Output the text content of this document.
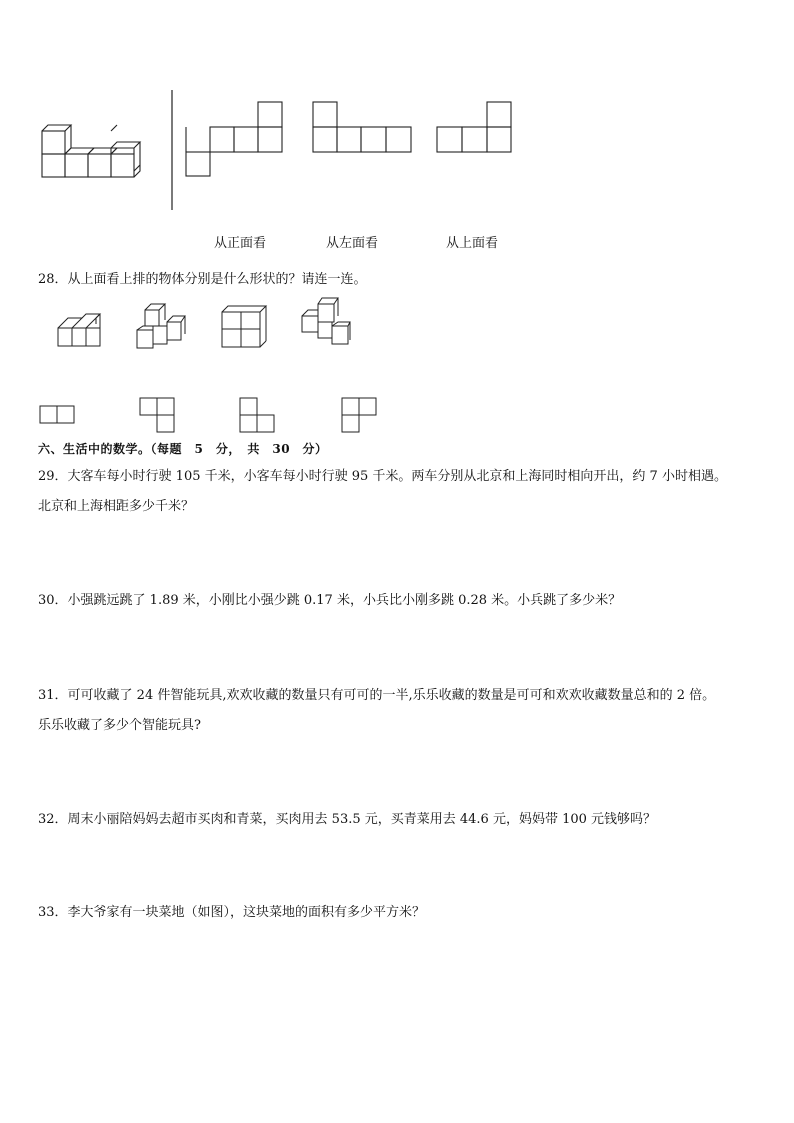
从正面看	从左面看	从上面看
28．从上面看上排的物体分别是什么形状的？请连一连。
六、生活中的数学。（每题　5　分，　共　30　分）
29．大客车每小时行驶 105 千米，小客车每小时行驶 95 千米。两车分别从北京和上海同时相向开出，约 7 小时相遇。
北京和上海相距多少千米？
30．小强跳远跳了 1.89 米，小刚比小强少跳 0.17 米，小兵比小刚多跳 0.28 米。小兵跳了多少米？
31．可可收藏了 24 件智能玩具,欢欢收藏的数量只有可可的一半,乐乐收藏的数量是可可和欢欢收藏数量总和的 2 倍。
乐乐收藏了多少个智能玩具?
32．周末小丽陪妈妈去超市买肉和青菜，买肉用去 53.5 元，买青菜用去 44.6 元，妈妈带 100 元钱够吗？
33．李大爷家有一块菜地（如图），这块菜地的面积有多少平方米？
